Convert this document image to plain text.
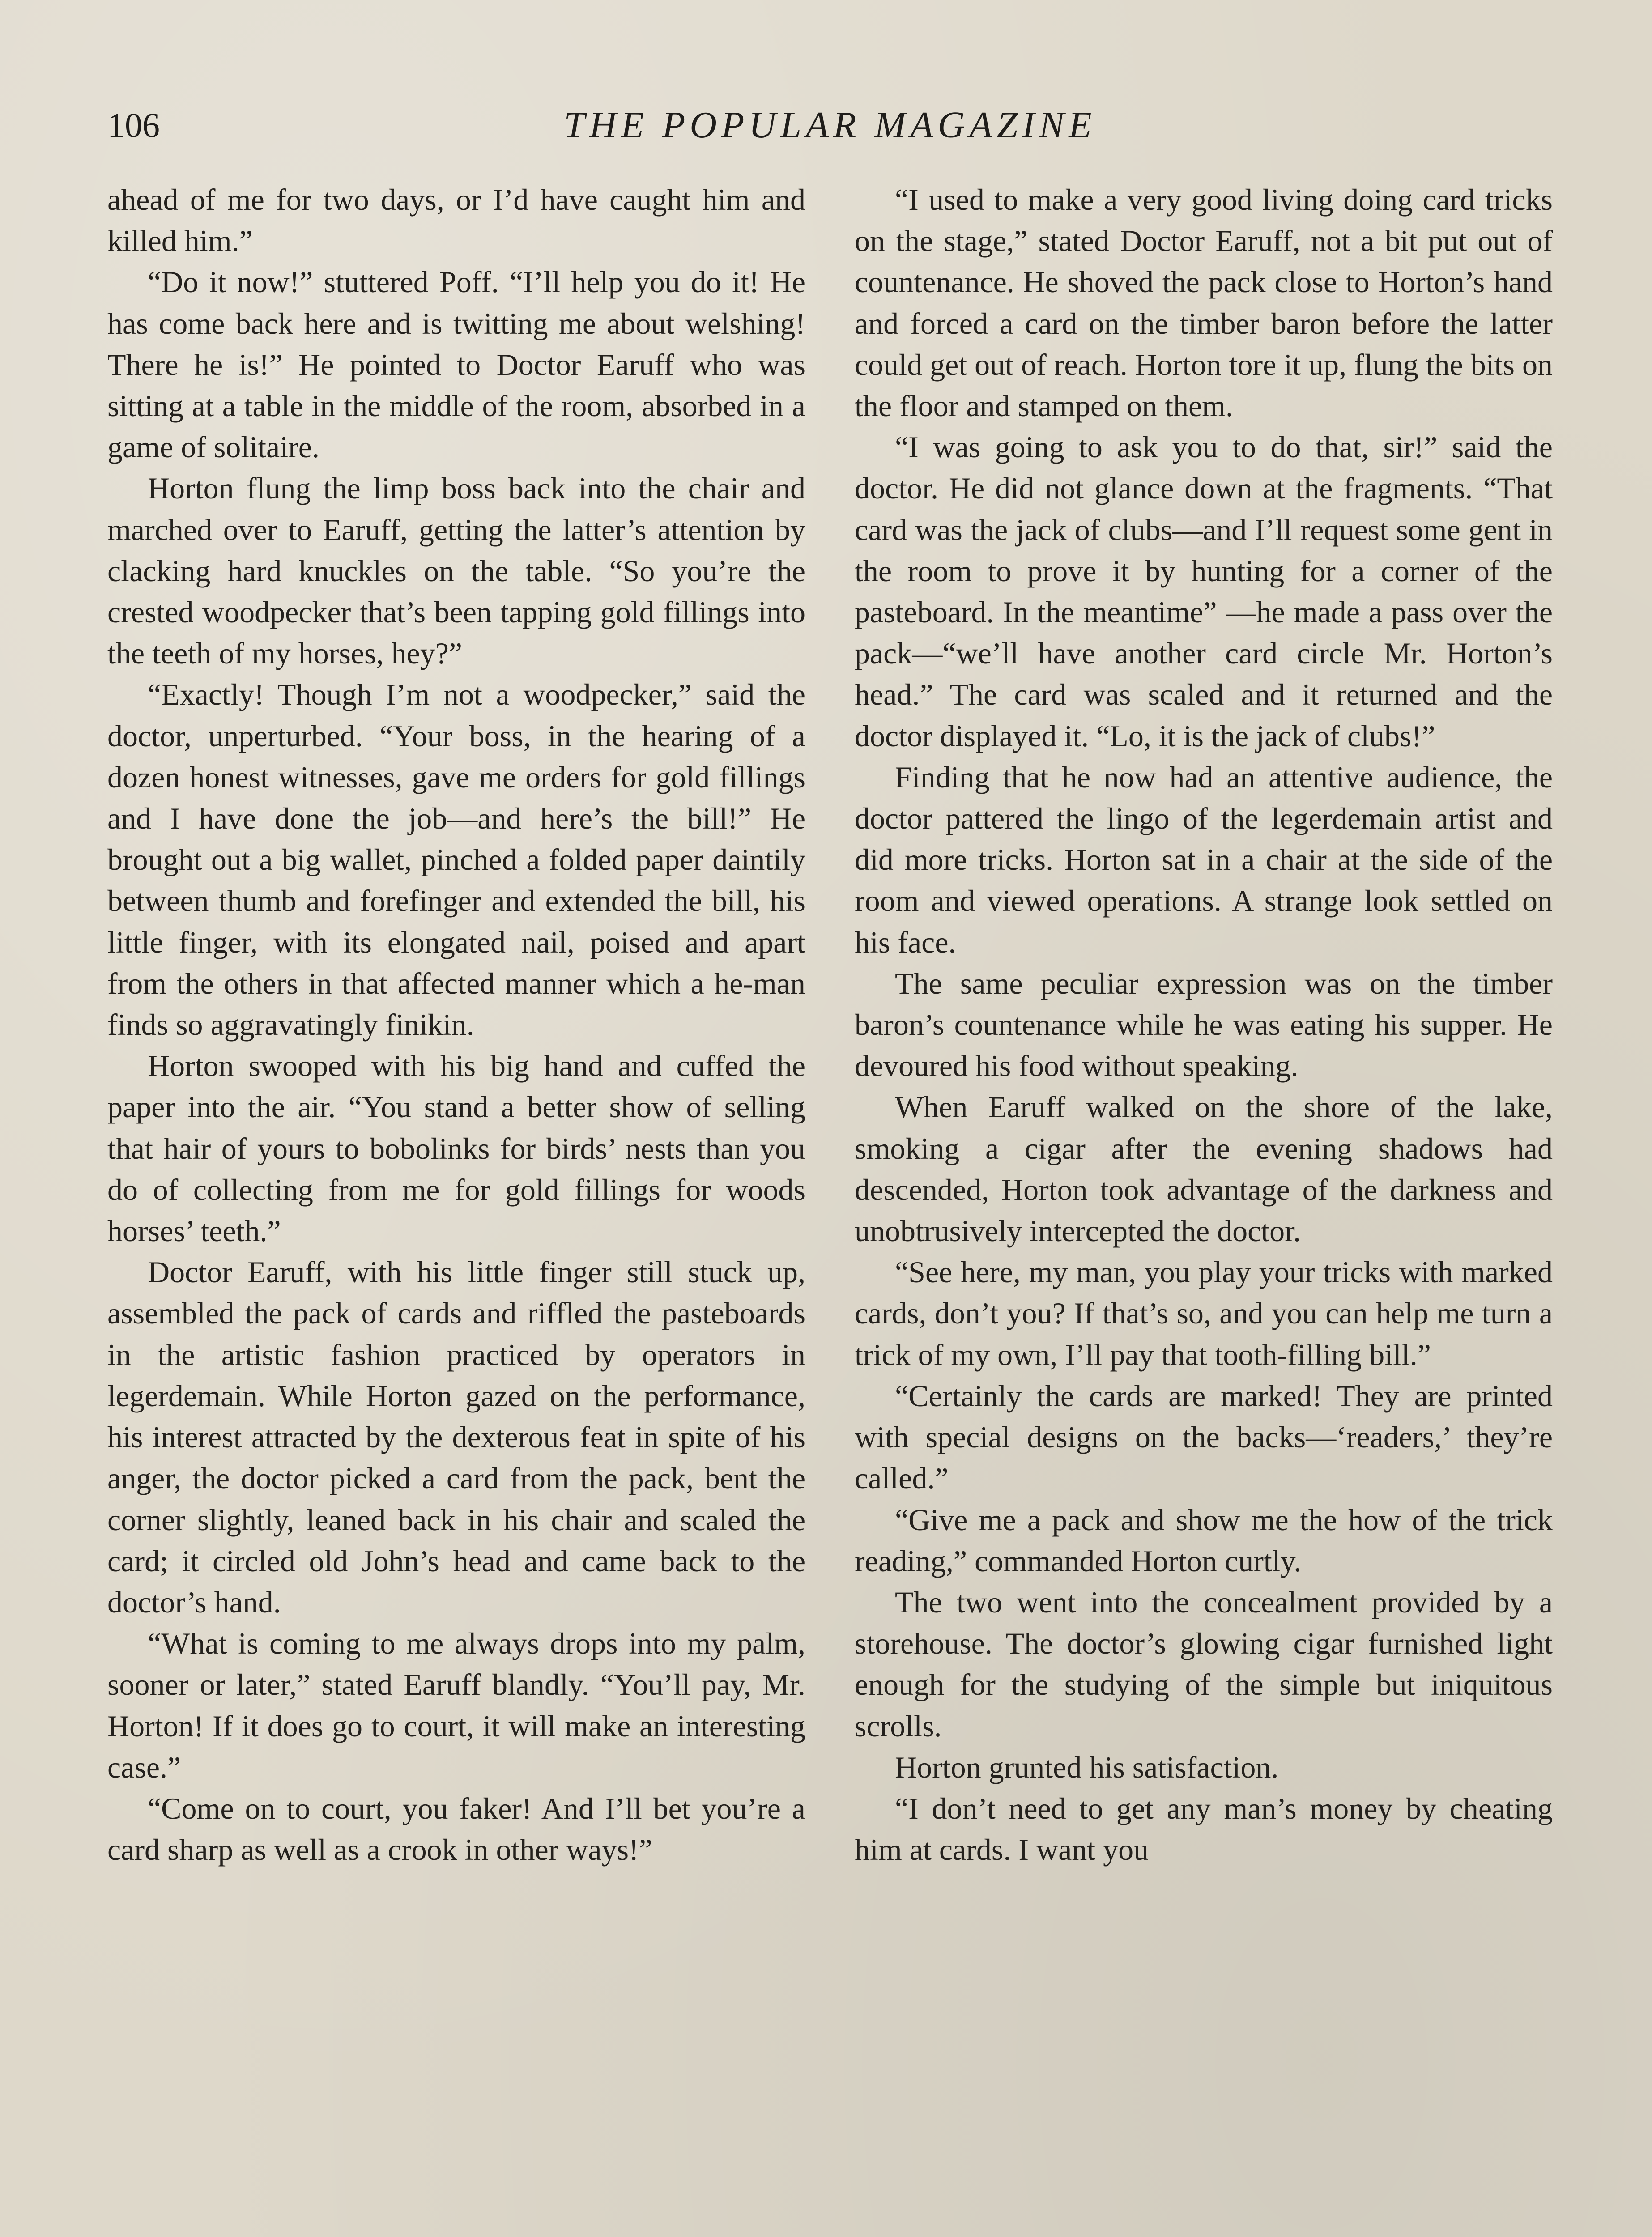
106	THE POPULAR MAGAZINE

ahead of me for two days, or I’d have caught him and killed him.”

“Do it now!” stuttered Poff. “I’ll help you do it! He has come back here and is twitting me about welshing! There he is!” He pointed to Doctor Earuff who was sitting at a table in the middle of the room, absorbed in a game of solitaire.

Horton flung the limp boss back into the chair and marched over to Earuff, getting the latter’s attention by clacking hard knuckles on the table. “So you’re the crested woodpecker that’s been tapping gold fillings into the teeth of my horses, hey?”

“Exactly! Though I’m not a woodpecker,” said the doctor, unperturbed. “Your boss, in the hearing of a dozen honest witnesses, gave me orders for gold fillings and I have done the job—and here’s the bill!” He brought out a big wallet, pinched a folded paper daintily between thumb and forefinger and extended the bill, his little finger, with its elongated nail, poised and apart from the others in that affected manner which a he-man finds so aggravatingly finikin.

Horton swooped with his big hand and cuffed the paper into the air. “You stand a better show of selling that hair of yours to bobolinks for birds’ nests than you do of collecting from me for gold fillings for woods horses’ teeth.”

Doctor Earuff, with his little finger still stuck up, assembled the pack of cards and riffled the pasteboards in the artistic fashion practiced by operators in legerdemain. While Horton gazed on the performance, his interest attracted by the dexterous feat in spite of his anger, the doctor picked a card from the pack, bent the corner slightly, leaned back in his chair and scaled the card; it circled old John’s head and came back to the doctor’s hand.

“What is coming to me always drops into my palm, sooner or later,” stated Earuff blandly. “You’ll pay, Mr. Horton! If it does go to court, it will make an interesting case.”

“Come on to court, you faker! And I’ll bet you’re a card sharp as well as a crook in other ways!”

“I used to make a very good living doing card tricks on the stage,” stated Doctor Earuff, not a bit put out of countenance. He shoved the pack close to Horton’s hand and forced a card on the timber baron before the latter could get out of reach. Horton tore it up, flung the bits on the floor and stamped on them.

“I was going to ask you to do that, sir!” said the doctor. He did not glance down at the fragments. “That card was the jack of clubs—and I’ll request some gent in the room to prove it by hunting for a corner of the pasteboard. In the meantime” —he made a pass over the pack—“we’ll have another card circle Mr. Horton’s head.” The card was scaled and it returned and the doctor displayed it. “Lo, it is the jack of clubs!”

Finding that he now had an attentive audience, the doctor pattered the lingo of the legerdemain artist and did more tricks. Horton sat in a chair at the side of the room and viewed operations. A strange look settled on his face.

The same peculiar expression was on the timber baron’s countenance while he was eating his supper. He devoured his food without speaking.

When Earuff walked on the shore of the lake, smoking a cigar after the evening shadows had descended, Horton took advantage of the darkness and unobtrusively intercepted the doctor.

“See here, my man, you play your tricks with marked cards, don’t you? If that’s so, and you can help me turn a trick of my own, I’ll pay that tooth-filling bill.”

“Certainly the cards are marked! They are printed with special designs on the backs—‘readers,’ they’re called.”

“Give me a pack and show me the how of the trick reading,” commanded Horton curtly.

The two went into the concealment provided by a storehouse. The doctor’s glowing cigar furnished light enough for the studying of the simple but iniquitous scrolls.

Horton grunted his satisfaction.

“I don’t need to get any man’s money by cheating him at cards. I want you
